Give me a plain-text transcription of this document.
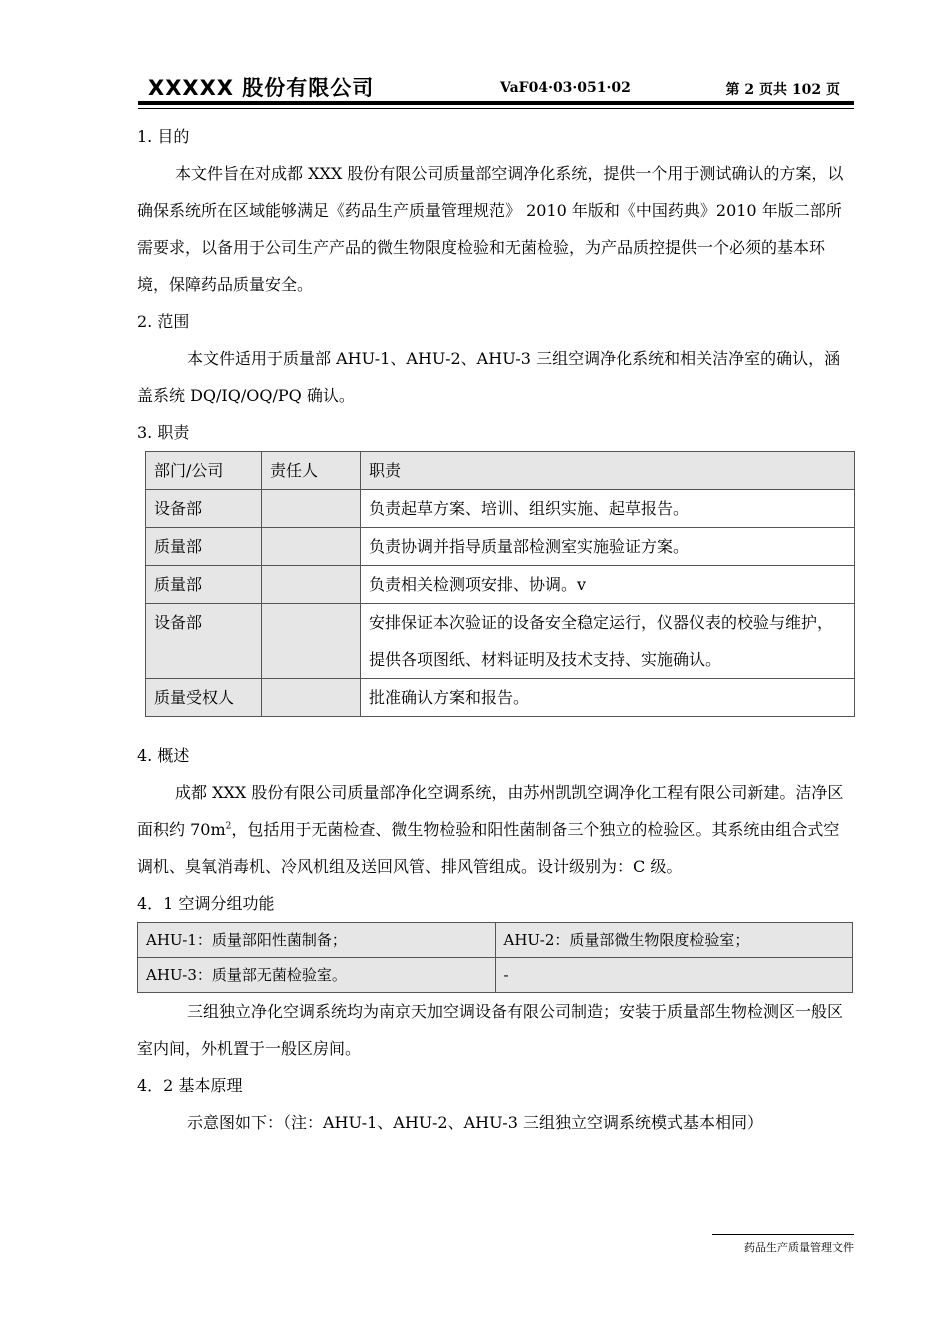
XXXXX 股份有限公司	VaF04·03·051·02	第 2 页共 102 页

1. 目的

本文件旨在对成都 XXX 股份有限公司质量部空调净化系统，提供一个用于测试确认的方案，以确保系统所在区域能够满足《药品生产质量管理规范》 2010 年版和《中国药典》2010 年版二部所需要求，以备用于公司生产产品的微生物限度检验和无菌检验，为产品质控提供一个必须的基本环境，保障药品质量安全。

2. 范围

本文件适用于质量部 AHU-1、AHU-2、AHU-3 三组空调净化系统和相关洁净室的确认，涵盖系统 DQ/IQ/OQ/PQ 确认。

3. 职责

部门/公司	责任人	职责
设备部		负责起草方案、培训、组织实施、起草报告。
质量部		负责协调并指导质量部检测室实施验证方案。
质量部		负责相关检测项安排、协调。v
设备部		安排保证本次验证的设备安全稳定运行，仪器仪表的校验与维护，提供各项图纸、材料证明及技术支持、实施确认。
质量受权人		批准确认方案和报告。

4. 概述

成都 XXX 股份有限公司质量部净化空调系统，由苏州凯凯空调净化工程有限公司新建。洁净区面积约 $70m^2$，包括用于无菌检查、微生物检验和阳性菌制备三个独立的检验区。其系统由组合式空调机、臭氧消毒机、冷风机组及送回风管、排风管组成。设计级别为：C 级。

4．1 空调分组功能

AHU-1：质量部阳性菌制备；	AHU-2：质量部微生物限度检验室；
AHU-3：质量部无菌检验室。	-

三组独立净化空调系统均为南京天加空调设备有限公司制造；安装于质量部生物检测区一般区室内间，外机置于一般区房间。

4．2 基本原理

示意图如下：（注：AHU-1、AHU-2、AHU-3 三组独立空调系统模式基本相同）

药品生产质量管理文件
